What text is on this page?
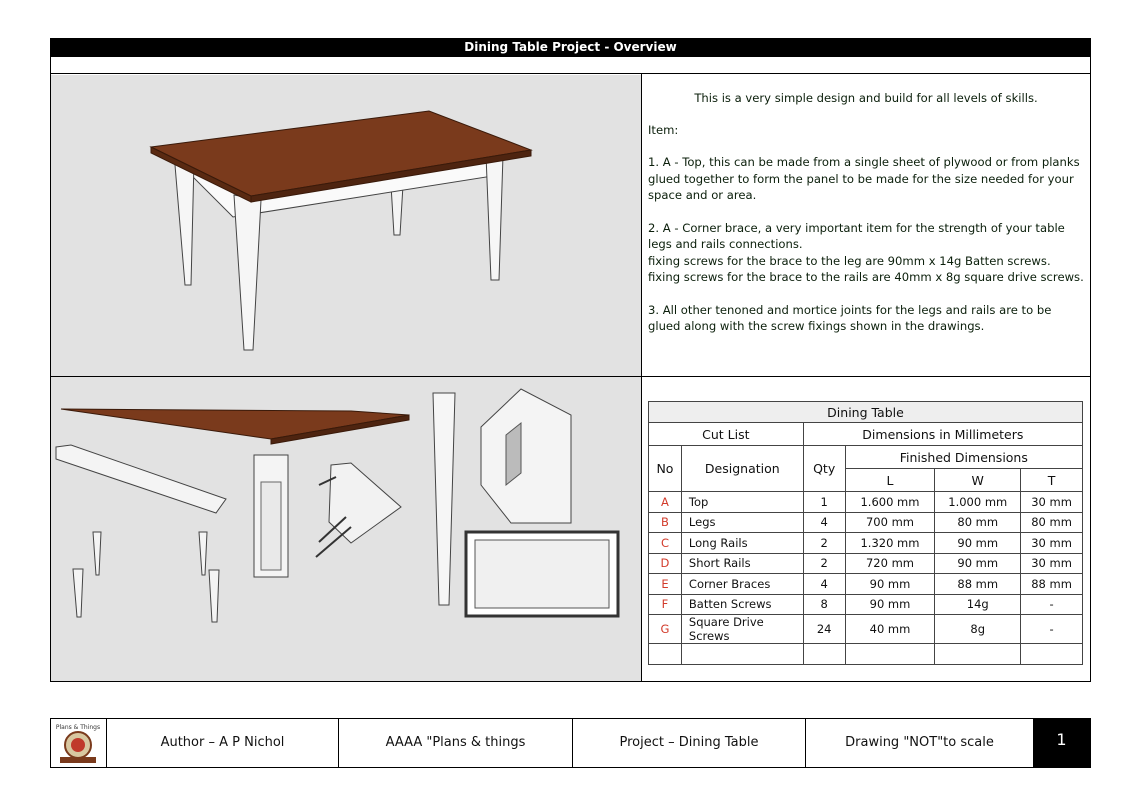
Dining Table Project - Overview

This is a very simple design and build for all levels of skills.

Item:

1. A - Top, this can be made from a single sheet of plywood or from planks glued together to form the panel to be made for the size needed for your space and or area.

2. A - Corner brace, a very important item for the strength of your table legs and rails connections.
fixing screws for the brace to the leg are 90mm x 14g Batten screws.
fixing screws for the brace to the rails are 40mm x 8g square drive screws.

3. All other tenoned and mortice joints for the legs and rails are to be glued along with the screw fixings shown in the drawings.

Dining Table					
Cut List		Dimensions in Millimeters			
No	Designation	Qty	Finished Dimensions		
			L	W	T
A	Top	1	1.600 mm	1.000 mm	30 mm
B	Legs	4	700 mm	80 mm	80 mm
C	Long Rails	2	1.320 mm	90 mm	30 mm
D	Short Rails	2	720 mm	90 mm	30 mm
E	Corner Braces	4	90 mm	88 mm	88 mm
F	Batten Screws	8	90 mm	14g	-
G	Square Drive Screws	24	40 mm	8g	-

Plans & Things
Author – A P Nichol	AAAA "Plans & things	Project – Dining Table	Drawing "NOT"to scale	1
